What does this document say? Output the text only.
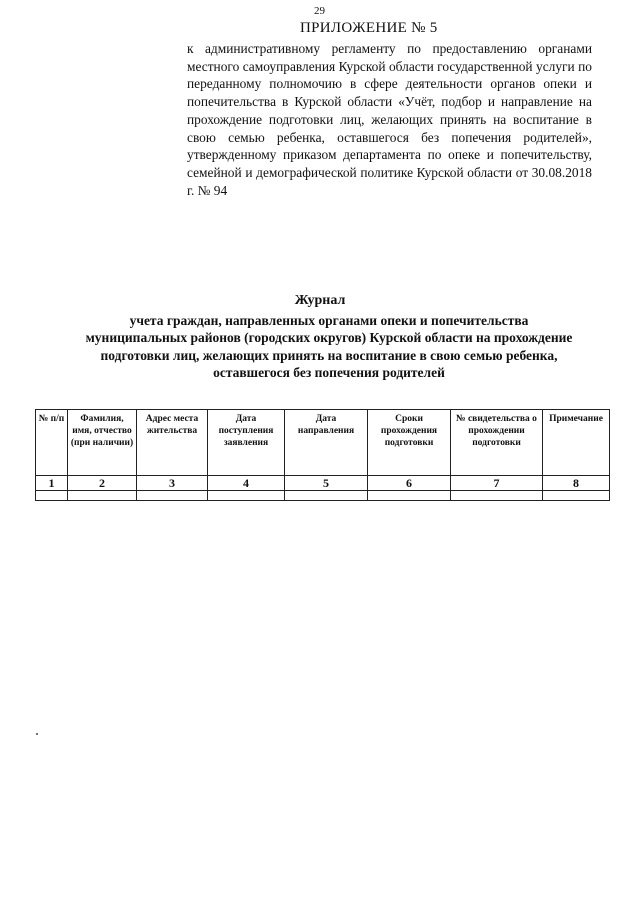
29
ПРИЛОЖЕНИЕ № 5

к административному регламенту по предоставлению органами местного самоуправления Курской области государственной услуги по переданному полномочию в сфере деятельности органов опеки и попечительства в Курской области «Учёт, подбор и направление на прохождение подготовки лиц, желающих принять на воспитание в свою семью ребенка, оставшегося без попечения родителей», утвержденному приказом департамента по опеке и попечительству, семейной и демографической политике Курской области от 30.08.2018 г. № 94

Журнал
учета граждан, направленных органами опеки и попечительства муниципальных районов (городских округов) Курской области на прохождение подготовки лиц, желающих принять на воспитание в свою семью ребенка, оставшегося без попечения родителей
№ п/п	Фамилия, имя, отчество (при наличии)	Адрес места жительства	Дата поступления заявления	Дата направления	Сроки прохождения подготовки	№ свидетельства о прохождении подготовки	Примечание
1	2	3	4	5	6	7	8
